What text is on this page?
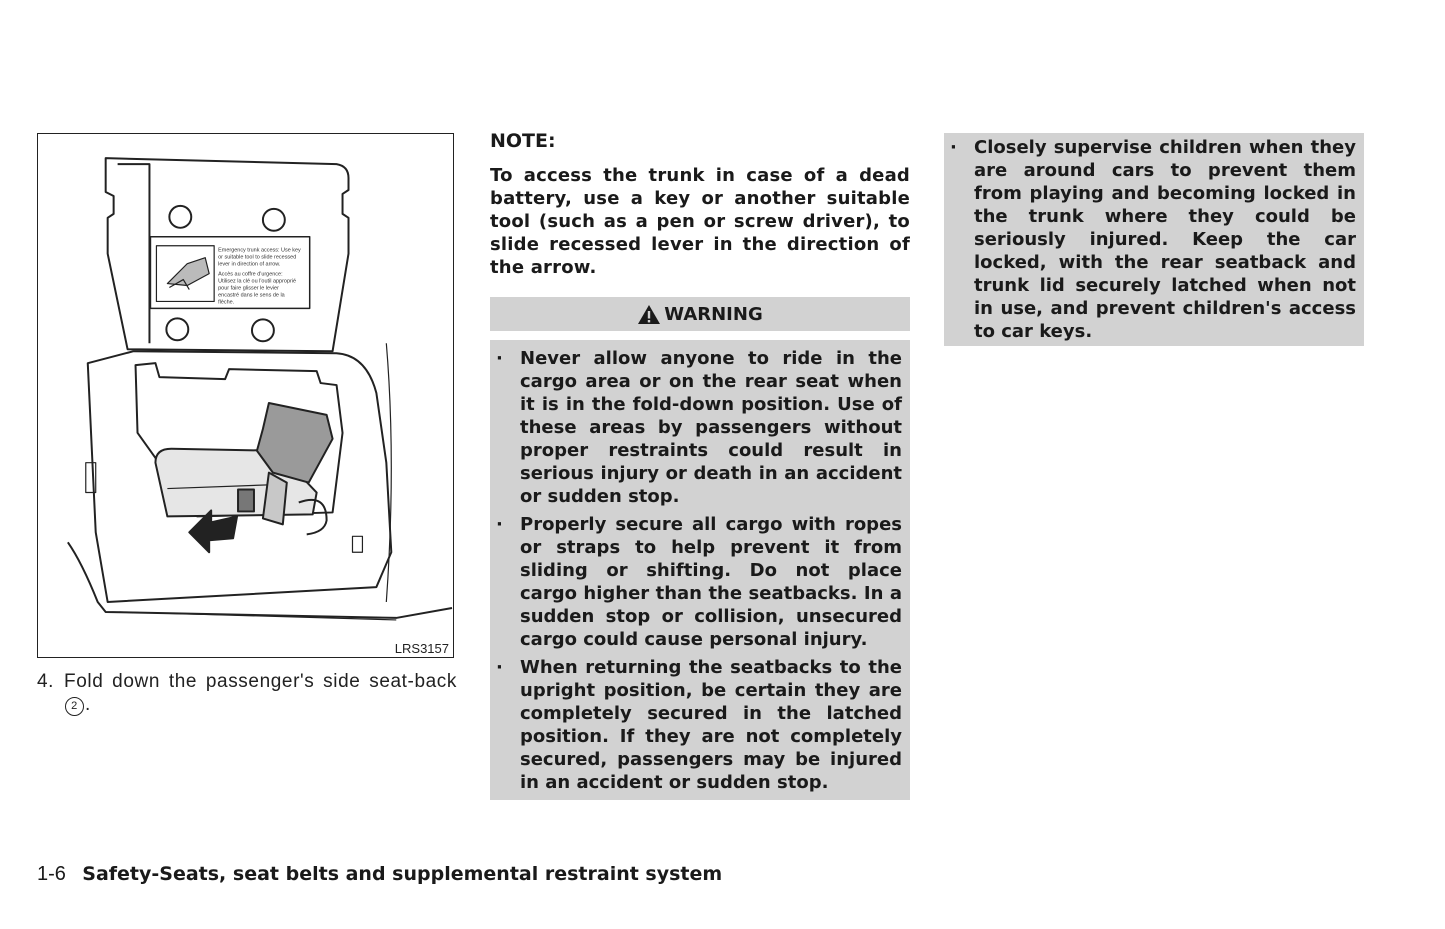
Emergency trunk access: Use key
or suitable tool to slide recessed
lever in direction of arrow.
Accès au coffre d'urgence:
Utilisez la clé ou l'outil approprié
pour faire glisser le levier
encastré dans le sens de la
flèche.
LRS3157
4. Fold down the passenger's side seat-back 2 .
NOTE:

To access the trunk in case of a dead battery, use a key or another suitable tool (such as a pen or screw driver), to slide recessed lever in the direction of the arrow.

WARNING
· Never allow anyone to ride in the cargo area or on the rear seat when it is in the fold-down position. Use of these areas by passengers without proper restraints could result in serious injury or death in an accident or sudden stop.
· Properly secure all cargo with ropes or straps to help prevent it from sliding or shifting. Do not place cargo higher than the seatbacks. In a sudden stop or collision, unsecured cargo could cause personal injury.
· When returning the seatbacks to the upright position, be certain they are completely secured in the latched position. If they are not completely secured, passengers may be injured in an accident or sudden stop.
· Closely supervise children when they are around cars to prevent them from playing and becoming locked in the trunk where they could be seriously injured. Keep the car locked, with the rear seatback and trunk lid securely latched when not in use, and prevent children's access to car keys.
1-6 Safety-Seats, seat belts and supplemental restraint system
